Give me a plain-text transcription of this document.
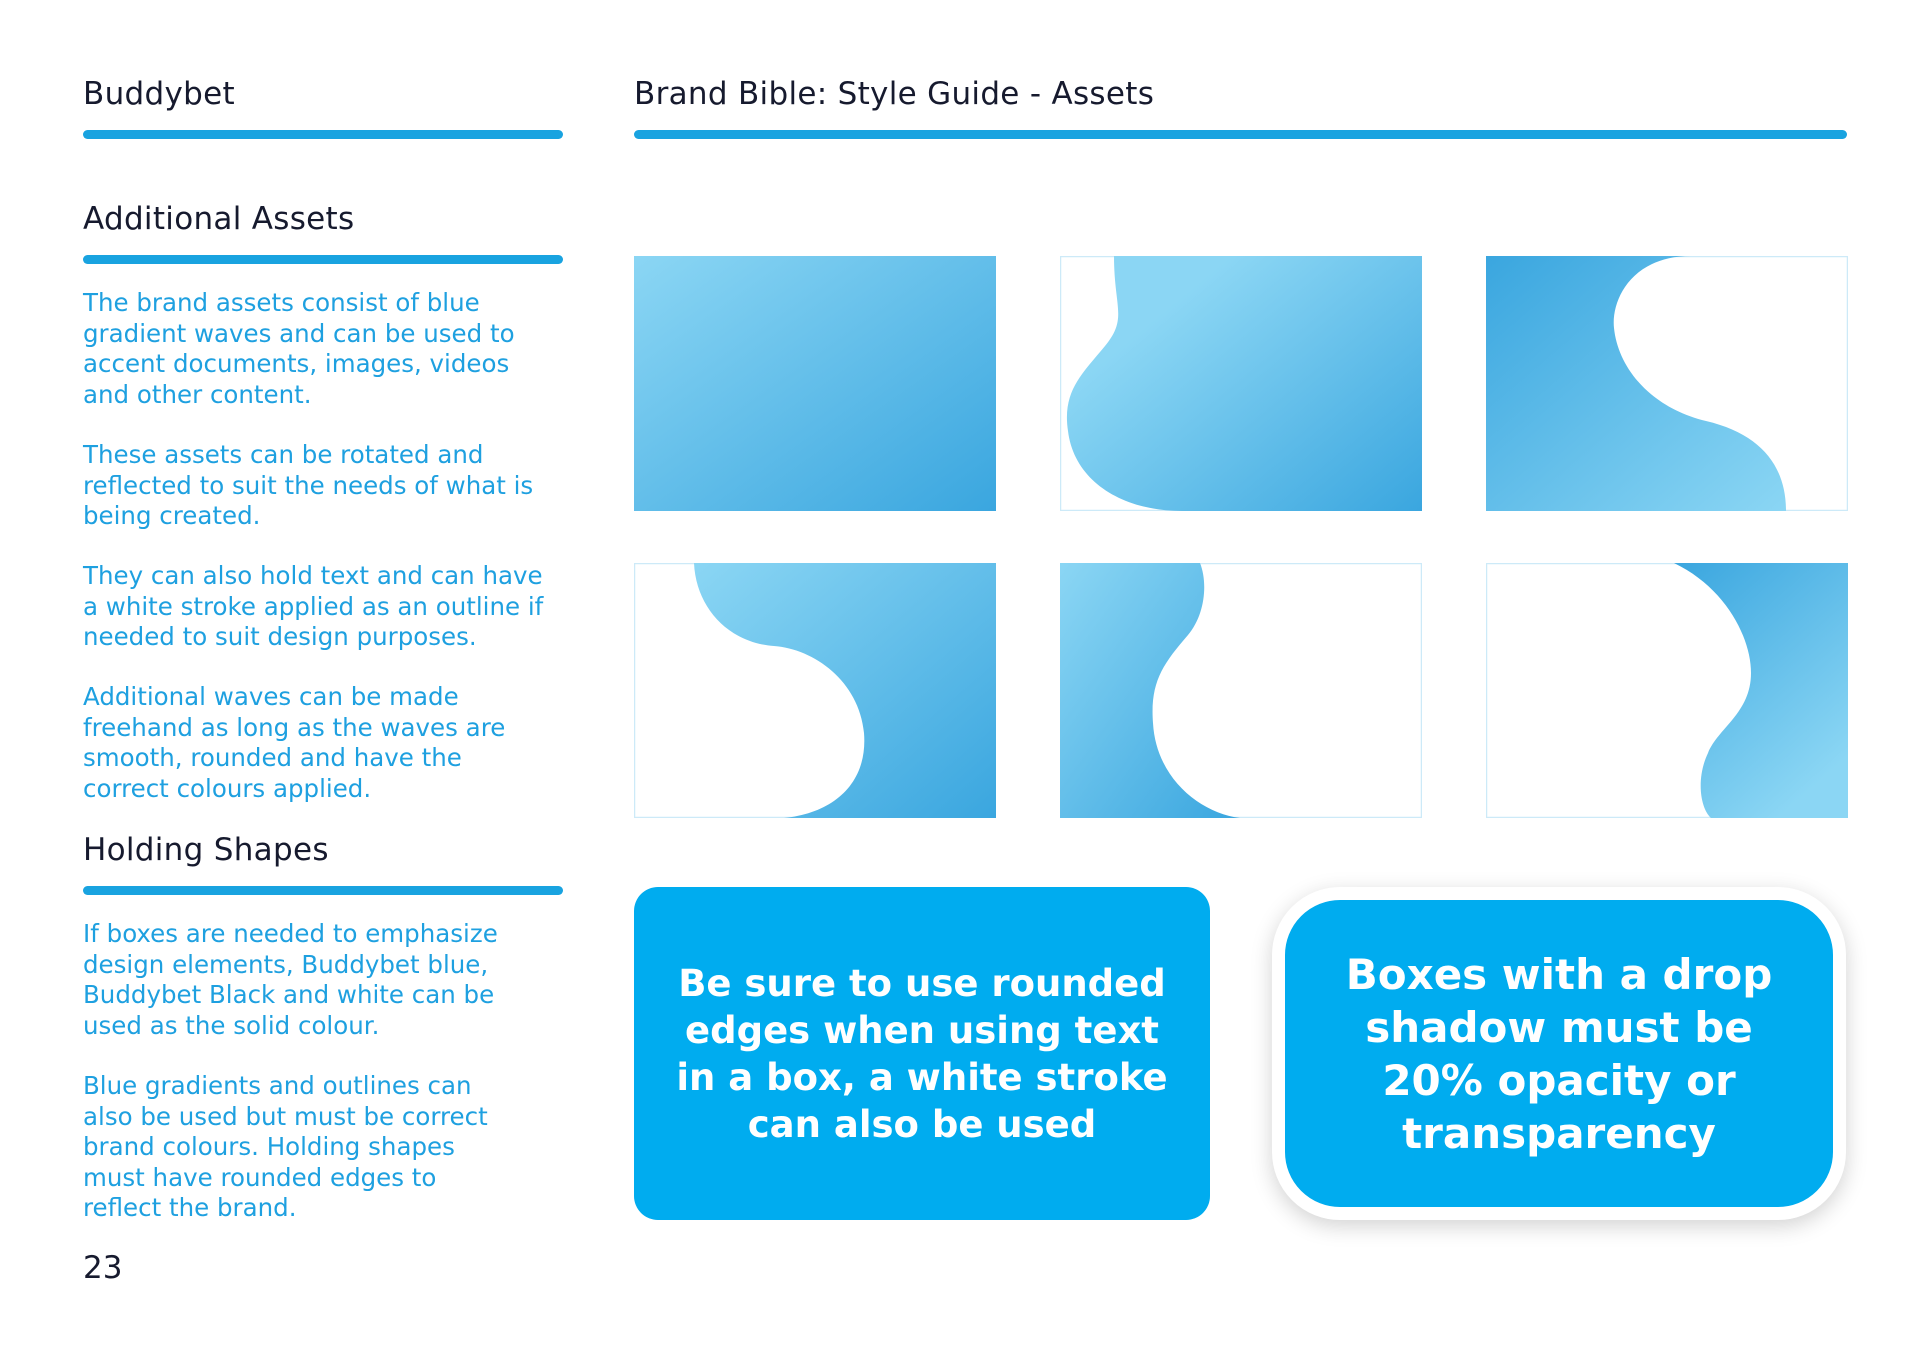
Buddybet	Brand Bible: Style Guide - Assets
Additional Assets

The brand assets consist of blue
gradient waves and can be used to
accent documents, images, videos
and other content.

These assets can be rotated and
reflected to suit the needs of what is
being created.

They can also hold text and can have
a white stroke applied as an outline if
needed to suit design purposes.

Additional waves can be made
freehand as long as the waves are
smooth, rounded and have the
correct colours applied.

Holding Shapes

If boxes are needed to emphasize
design elements, Buddybet blue,
Buddybet Black and white can be
used as the solid colour.

Blue gradients and outlines can
also be used but must be correct
brand colours. Holding shapes
must have rounded edges to
reflect the brand.

23
Be sure to use rounded edges when using text in a box, a white stroke can also be used
Boxes with a drop shadow must be 20% opacity or transparency
